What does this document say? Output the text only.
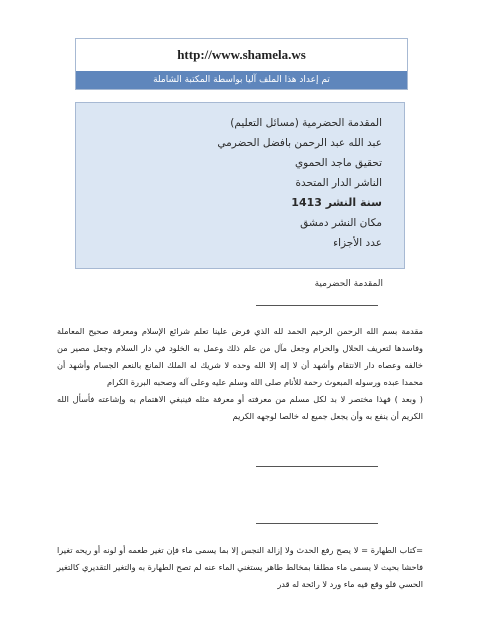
http://www.shamela.ws
تم إعداد هذا الملف آليا بواسطة المكتبة الشاملة
المقدمة الحضرمية (مسائل التعليم)
عبد الله عبد الرحمن بافضل الحضرمي
تحقيق ماجد الحموي
الناشر الدار المتحدة
سنة النشر 1413
مكان النشر دمشق
عدد الأجزاء
المقدمة الحضرمية

مقدمة بسم الله الرحمن الرحيم الحمد لله الذي فرض علينا تعلم شرائع الإسلام ومعرفة صحيح المعاملة وفاسدها لتعريف الحلال والحرام وجعل مآل من علم ذلك وعمل به الخلود في دار السلام وجعل مصير من خالفه وعصاه دار الانتقام وأشهد أن لا إله إلا الله وحده لا شريك له الملك المانع بالنعم الجسام وأشهد أن محمدا عبده ورسوله المبعوث رحمة للأنام صلى الله وسلم عليه وعلى آله وصحبه البررة الكرام

( وبعد ) فهذا مختصر لا بد لكل مسلم من معرفته أو معرفة مثله فينبغي الاهتمام به وإشاعته فأسأل الله الكريم أن ينفع به وأن يجعل جميع له خالصا لوجهه الكريم

=كتاب الطهارة = لا يصح رفع الحدث ولا إزالة النجس إلا بما يسمى ماء فإن تغير طعمه أو لونه أو ريحه تغيرا فاحشا بحيث لا يسمى ماء مطلقا بمخالط طاهر يستغني الماء عنه لم تصح الطهارة به والتغير التقديري كالتغير الحسي فلو وقع فيه ماء ورد لا رائحة له قدر
